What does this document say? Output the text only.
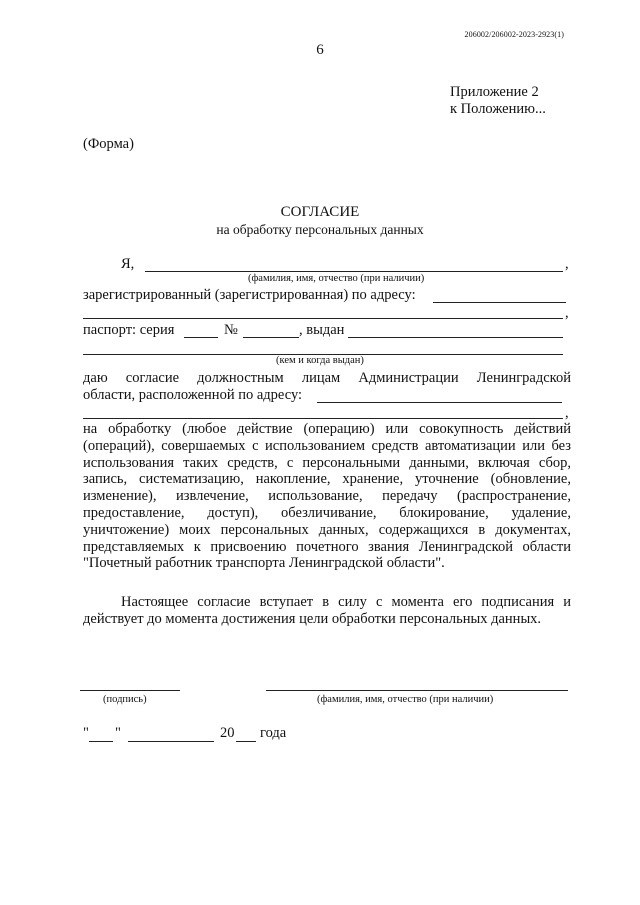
206002/206002-2023-2923(1)
6
Приложение 2
к Положению...
(Форма)
СОГЛАСИЕ
на обработку персональных данных
Я,	,
(фамилия, имя, отчество (при наличии)
зарегистрированный (зарегистрированная) по адресу:
,
паспорт: серия	№	, выдан
(кем и когда выдан)
даю согласие должностным лицам Администрации Ленинградской
области, расположенной по адресу:
,
на обработку (любое действие (операцию) или совокупность действий (операций), совершаемых с использованием средств автоматизации или без использования таких средств, с персональными данными, включая сбор, запись, систематизацию, накопление, хранение, уточнение (обновление, изменение), извлечение, использование, передачу (распространение, предоставление, доступ), обезличивание, блокирование, удаление, уничтожение) моих персональных данных, содержащихся в документах, представляемых к присвоению почетного звания Ленинградской области "Почетный работник транспорта Ленинградской области".
Настоящее согласие вступает в силу с момента его подписания и действует до момента достижения цели обработки персональных данных.
(подпись)	(фамилия, имя, отчество (при наличии)
" "	20 года
